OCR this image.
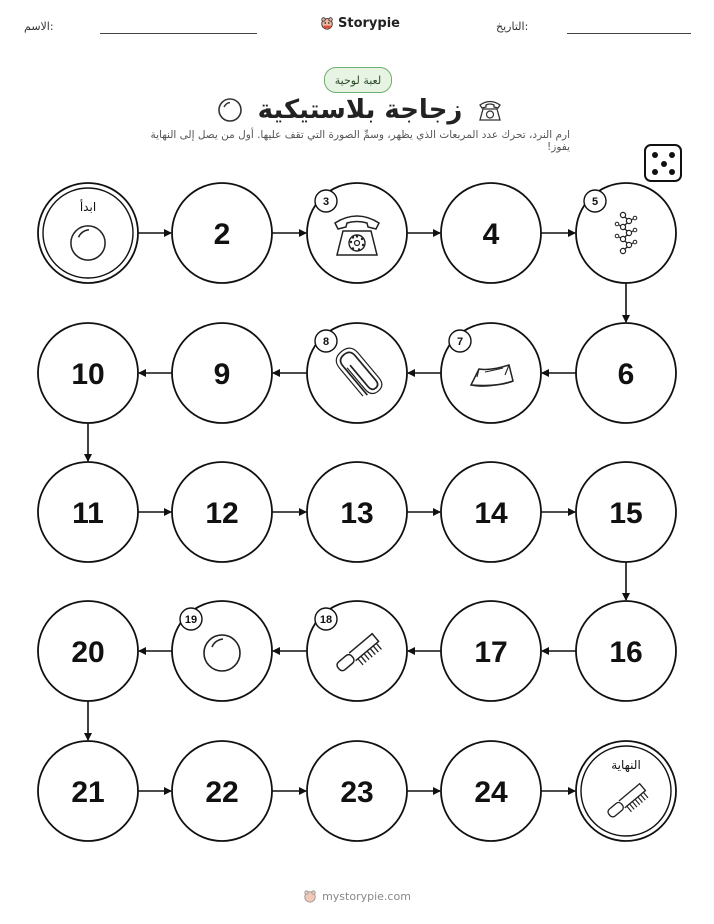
الاسم:	Storypie	التاريخ:
لعبة لوحية
زجاجة بلاستيكية
ارم النرد، تحرك عدد المربعات الذي يظهر، وسمِّ الصورة التي تقف عليها. أول من يصل إلى النهاية يفوز!
ابدأ
2
3
4
5
6
7
8
9
10
11	12	13	14	15
16
17
18
19
20
21	22	23	24
النهاية
mystorypie.com
